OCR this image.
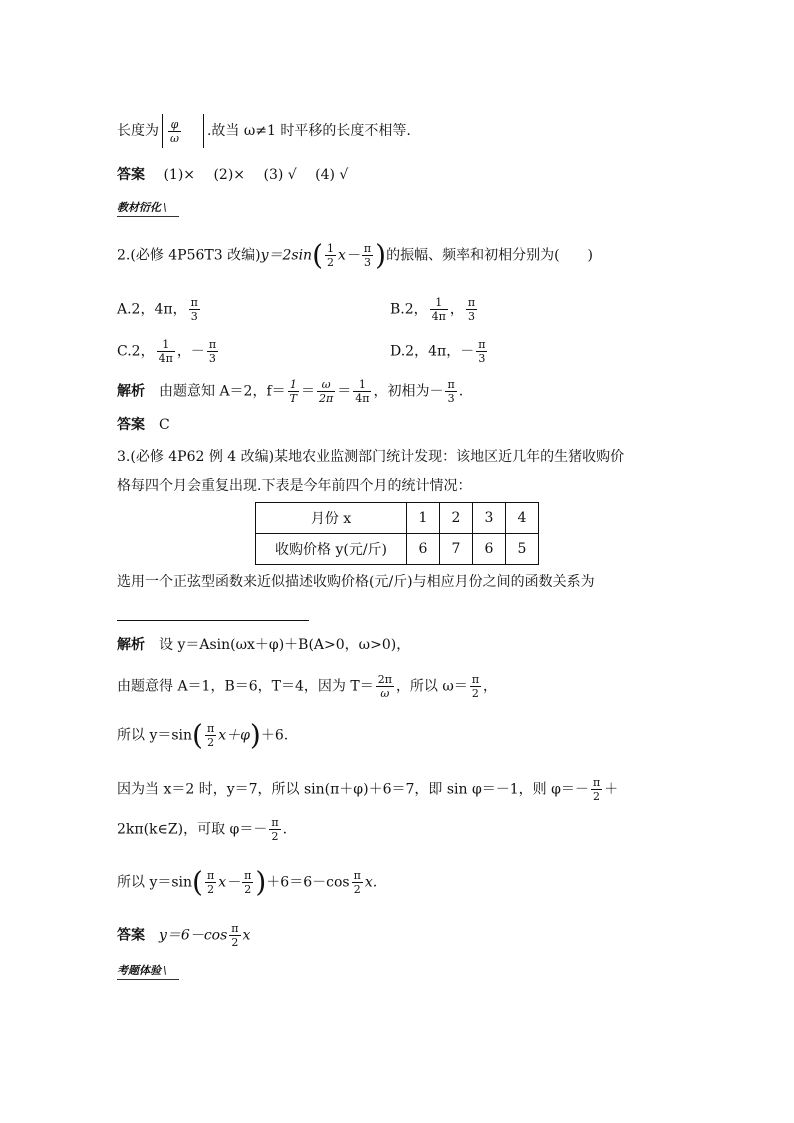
长度为 $\frac{\varphi}{\omega}$ .故当 ω≠1 时平移的长度不相等.
答案 (1)× (2)× (3) √ (4) √
教材衍化 \
2.(必修 4P56T3 改编)$y=2\sin( \frac{1}{2} x- \frac{\pi}{3}$ )的振幅、频率和初相分别为(　　)
A.2，4π， $\frac{\pi}{3}$	B.2， $\frac{1}{4\pi}$ ， $\frac{\pi}{3}$
C.2， $\frac{1}{4\pi}$ ，－ $\frac{\pi}{3}$	D.2，4π，－ $\frac{\pi}{3}$
解析 由题意知 A＝2，$f= \frac{1}{T} = \frac{\omega}{2\pi} = \frac{1}{4\pi}$ ，初相为－ $\frac{\pi}{3}$ .
答案 C
3.(必修 4P62 例 4 改编)某地农业监测部门统计发现：该地区近几年的生猪收购价
格每四个月会重复出现.下表是今年前四个月的统计情况：
月份 x	1	2	3	4
收购价格 y(元/斤)	6	7	6	5
选用一个正弦型函数来近似描述收购价格(元/斤)与相应月份之间的函数关系为
解析 设 y＝Asin(ωx＋φ)＋B(A>0，ω>0)，
由题意得 A＝1，B＝6，T＝4，因为 $T= \frac{2\pi}{\omega}$ ，所以 $\omega= \frac{\pi}{2}$ ，
所以 $y=\sin( \frac{\pi}{2} x+\varphi)+6$.
因为当 x＝2 时，y＝7，所以 sin(π＋φ)＋6＝7，即 sin φ＝－1，则 $\varphi=- \frac{\pi}{2}$ ＋
2kπ(k∈Z)，可取 $\varphi=- \frac{\pi}{2}$ .
所以 $y=\sin( \frac{\pi}{2} x- \frac{\pi}{2} )+6=6-\cos \frac{\pi}{2} x$.
答案 $y=6-\cos \frac{\pi}{2}$ x
考题体验 \
